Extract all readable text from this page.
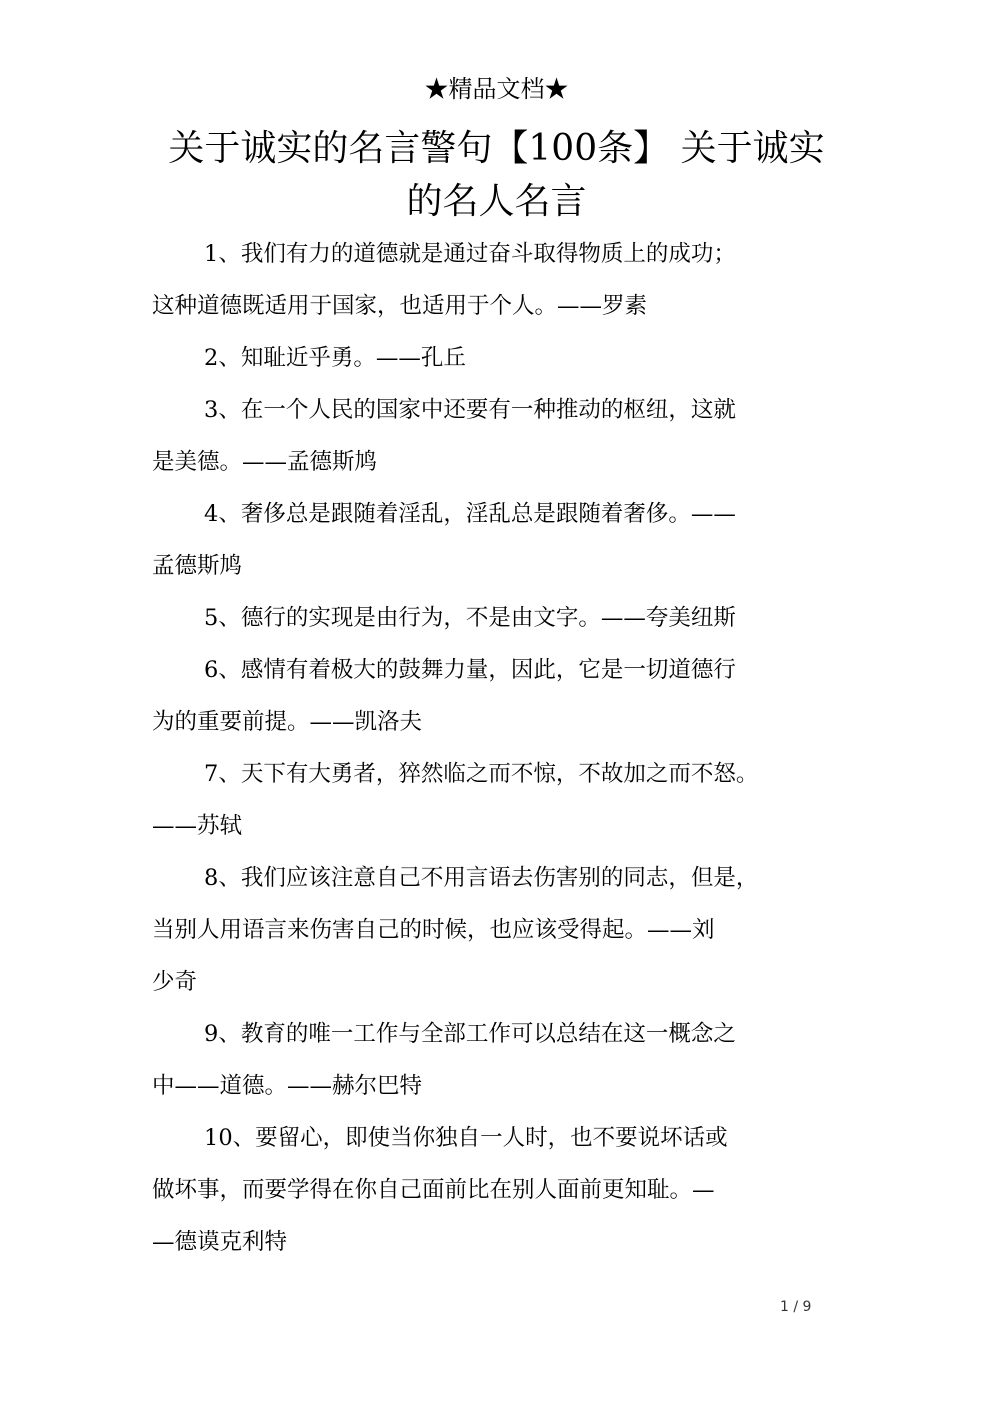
★精品文档★
关于诚实的名言警句【100条】 关于诚实
的名人名言
1、我们有力的道德就是通过奋斗取得物质上的成功；
这种道德既适用于国家，也适用于个人。——罗素
2、知耻近乎勇。——孔丘
3、在一个人民的国家中还要有一种推动的枢纽，这就
是美德。——孟德斯鸠
4、奢侈总是跟随着淫乱，淫乱总是跟随着奢侈。——
孟德斯鸠
5、德行的实现是由行为，不是由文字。——夸美纽斯
6、感情有着极大的鼓舞力量，因此，它是一切道德行
为的重要前提。——凯洛夫
7、天下有大勇者，猝然临之而不惊，不故加之而不怒。
——苏轼
8、我们应该注意自己不用言语去伤害别的同志，但是，
当别人用语言来伤害自己的时候，也应该受得起。——刘
少奇
9、教育的唯一工作与全部工作可以总结在这一概念之
中——道德。——赫尔巴特
10、要留心，即使当你独自一人时，也不要说坏话或
做坏事，而要学得在你自己面前比在别人面前更知耻。—
—德谟克利特
1 / 9
